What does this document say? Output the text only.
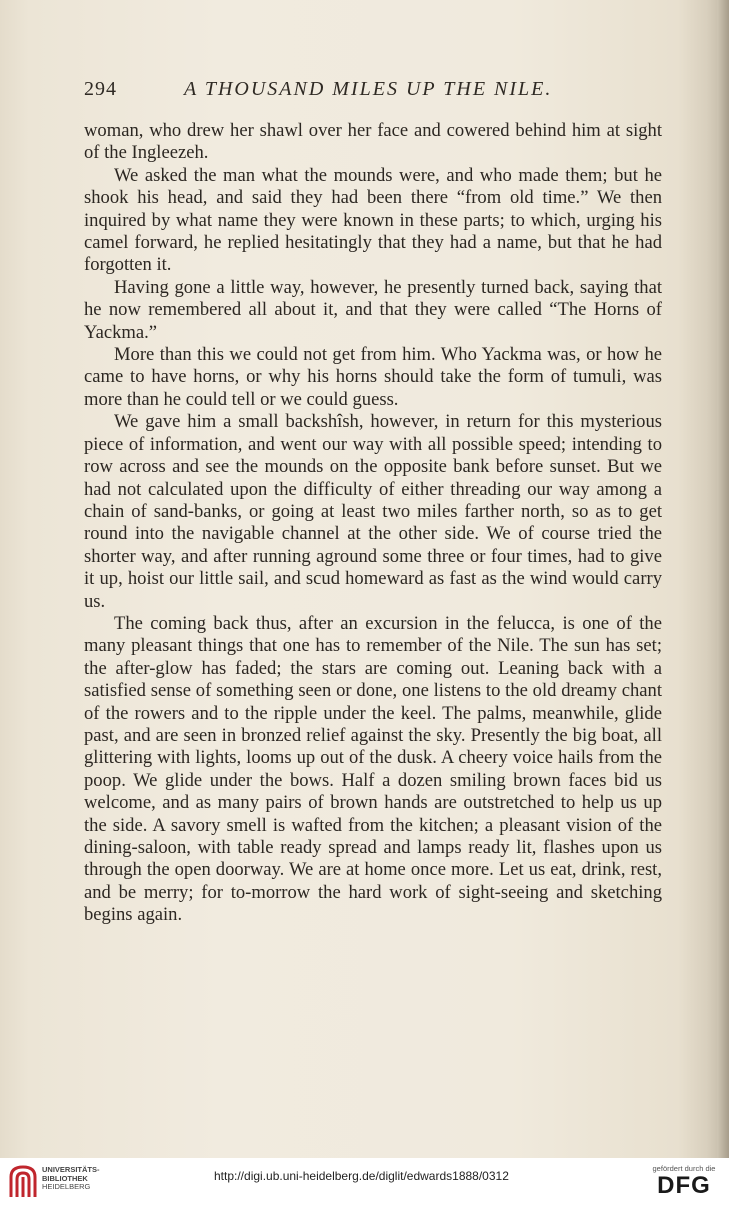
294	A THOUSAND MILES UP THE NILE.

woman, who drew her shawl over her face and cowered behind him at sight of the Ingleezeh.

We asked the man what the mounds were, and who made them; but he shook his head, and said they had been there “from old time.” We then inquired by what name they were known in these parts; to which, urging his camel forward, he replied hesitatingly that they had a name, but that he had forgotten it.

Having gone a little way, however, he presently turned back, saying that he now remembered all about it, and that they were called “The Horns of Yackma.”

More than this we could not get from him. Who Yackma was, or how he came to have horns, or why his horns should take the form of tumuli, was more than he could tell or we could guess.

We gave him a small backshîsh, however, in return for this mysterious piece of information, and went our way with all possible speed; intending to row across and see the mounds on the opposite bank before sunset. But we had not calculated upon the difficulty of either threading our way among a chain of sand-banks, or going at least two miles farther north, so as to get round into the navigable channel at the other side. We of course tried the shorter way, and after running aground some three or four times, had to give it up, hoist our little sail, and scud homeward as fast as the wind would carry us.

The coming back thus, after an excursion in the felucca, is one of the many pleasant things that one has to remember of the Nile. The sun has set; the after-glow has faded; the stars are coming out. Leaning back with a satisfied sense of something seen or done, one listens to the old dreamy chant of the rowers and to the ripple under the keel. The palms, meanwhile, glide past, and are seen in bronzed relief against the sky. Presently the big boat, all glittering with lights, looms up out of the dusk. A cheery voice hails from the poop. We glide under the bows. Half a dozen smiling brown faces bid us welcome, and as many pairs of brown hands are outstretched to help us up the side. A savory smell is wafted from the kitchen; a pleasant vision of the dining-saloon, with table ready spread and lamps ready lit, flashes upon us through the open doorway. We are at home once more. Let us eat, drink, rest, and be merry; for to-morrow the hard work of sight-seeing and sketching begins again.

UNIVERSITÄTS-
BIBLIOTHEK
HEIDELBERG
http://digi.ub.uni-heidelberg.de/diglit/edwards1888/0312
gefördert durch die
DFG
